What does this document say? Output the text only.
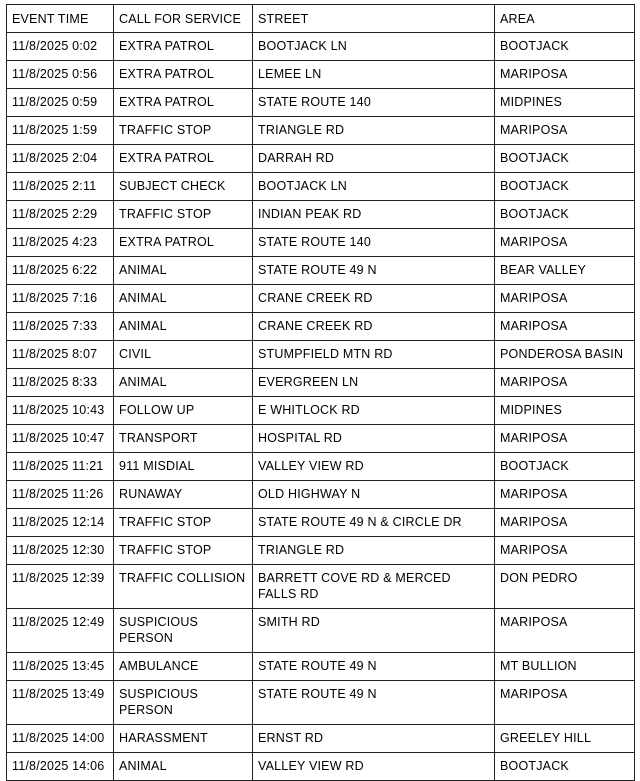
EVENT TIME	CALL FOR SERVICE	STREET	AREA
11/8/2025 0:02	EXTRA PATROL	BOOTJACK LN	BOOTJACK
11/8/2025 0:56	EXTRA PATROL	LEMEE LN	MARIPOSA
11/8/2025 0:59	EXTRA PATROL	STATE ROUTE 140	MIDPINES
11/8/2025 1:59	TRAFFIC STOP	TRIANGLE RD	MARIPOSA
11/8/2025 2:04	EXTRA PATROL	DARRAH RD	BOOTJACK
11/8/2025 2:11	SUBJECT CHECK	BOOTJACK LN	BOOTJACK
11/8/2025 2:29	TRAFFIC STOP	INDIAN PEAK RD	BOOTJACK
11/8/2025 4:23	EXTRA PATROL	STATE ROUTE 140	MARIPOSA
11/8/2025 6:22	ANIMAL	STATE ROUTE 49 N	BEAR VALLEY
11/8/2025 7:16	ANIMAL	CRANE CREEK RD	MARIPOSA
11/8/2025 7:33	ANIMAL	CRANE CREEK RD	MARIPOSA
11/8/2025 8:07	CIVIL	STUMPFIELD MTN RD	PONDEROSA BASIN
11/8/2025 8:33	ANIMAL	EVERGREEN LN	MARIPOSA
11/8/2025 10:43	FOLLOW UP	E WHITLOCK RD	MIDPINES
11/8/2025 10:47	TRANSPORT	HOSPITAL RD	MARIPOSA
11/8/2025 11:21	911 MISDIAL	VALLEY VIEW RD	BOOTJACK
11/8/2025 11:26	RUNAWAY	OLD HIGHWAY N	MARIPOSA
11/8/2025 12:14	TRAFFIC STOP	STATE ROUTE 49 N & CIRCLE DR	MARIPOSA
11/8/2025 12:30	TRAFFIC STOP	TRIANGLE RD	MARIPOSA
11/8/2025 12:39	TRAFFIC COLLISION	BARRETT COVE RD & MERCED FALLS RD	DON PEDRO
11/8/2025 12:49	SUSPICIOUS PERSON	SMITH RD	MARIPOSA
11/8/2025 13:45	AMBULANCE	STATE ROUTE 49 N	MT BULLION
11/8/2025 13:49	SUSPICIOUS PERSON	STATE ROUTE 49 N	MARIPOSA
11/8/2025 14:00	HARASSMENT	ERNST RD	GREELEY HILL
11/8/2025 14:06	ANIMAL	VALLEY VIEW RD	BOOTJACK
